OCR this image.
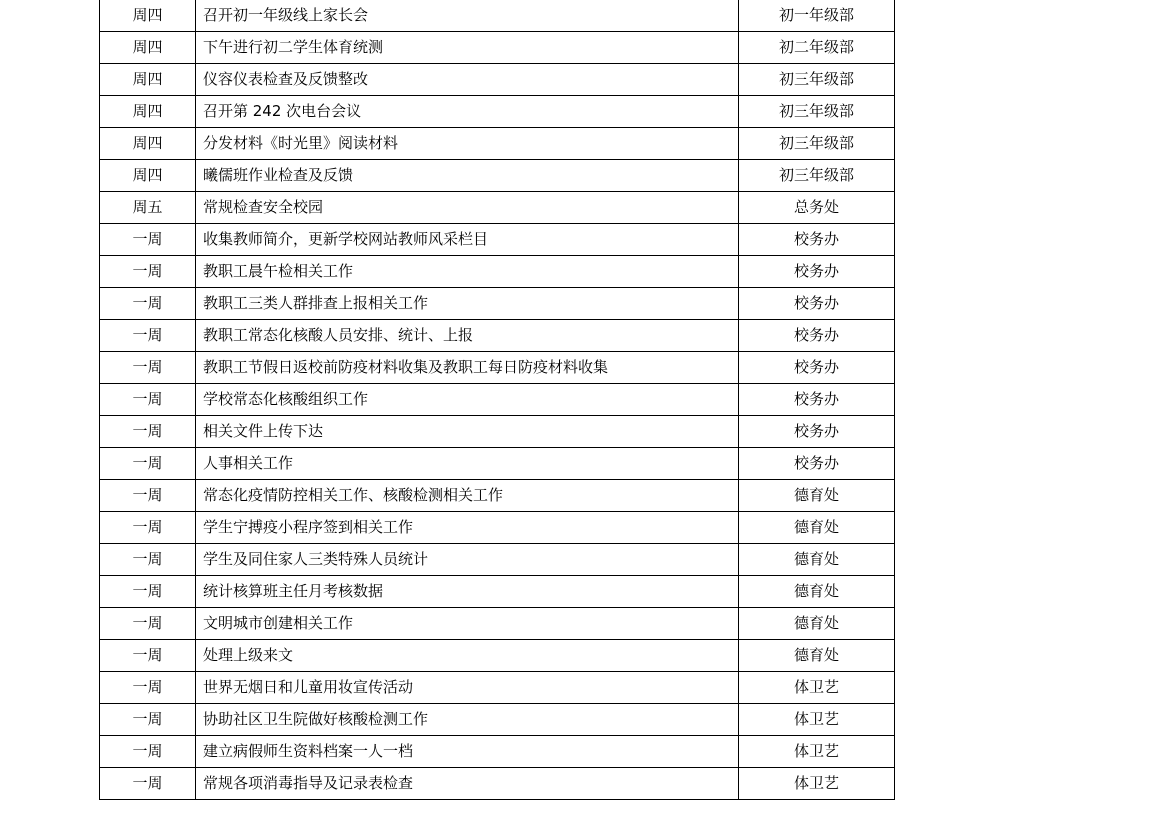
周四	召开初一年级线上家长会	初一年级部
周四	下午进行初二学生体育统测	初二年级部
周四	仪容仪表检查及反馈整改	初三年级部
周四	召开第 242 次电台会议	初三年级部
周四	分发材料《时光里》阅读材料	初三年级部
周四	曦儒班作业检查及反馈	初三年级部
周五	常规检查安全校园	总务处
一周	收集教师简介，更新学校网站教师风采栏目	校务办
一周	教职工晨午检相关工作	校务办
一周	教职工三类人群排查上报相关工作	校务办
一周	教职工常态化核酸人员安排、统计、上报	校务办
一周	教职工节假日返校前防疫材料收集及教职工每日防疫材料收集	校务办
一周	学校常态化核酸组织工作	校务办
一周	相关文件上传下达	校务办
一周	人事相关工作	校务办
一周	常态化疫情防控相关工作、核酸检测相关工作	德育处
一周	学生宁搏疫小程序签到相关工作	德育处
一周	学生及同住家人三类特殊人员统计	德育处
一周	统计核算班主任月考核数据	德育处
一周	文明城市创建相关工作	德育处
一周	处理上级来文	德育处
一周	世界无烟日和儿童用妆宣传活动	体卫艺
一周	协助社区卫生院做好核酸检测工作	体卫艺
一周	建立病假师生资料档案一人一档	体卫艺
一周	常规各项消毒指导及记录表检查	体卫艺
